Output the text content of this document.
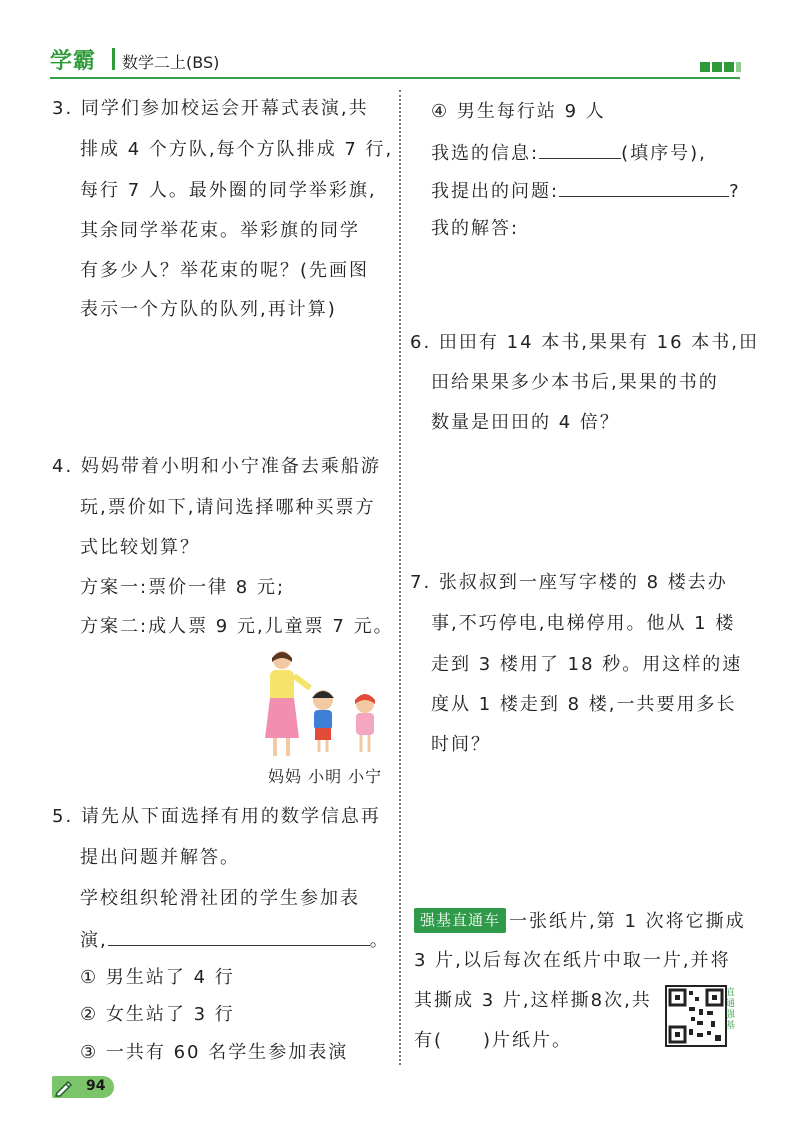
学霸 数学二上(BS)
3. 同学们参加校运会开幕式表演,共
排成 4 个方队,每个方队排成 7 行,
每行 7 人。最外圈的同学举彩旗,
其余同学举花束。举彩旗的同学
有多少人？举花束的呢？(先画图
表示一个方队的队列,再计算)
4. 妈妈带着小明和小宁准备去乘船游
玩,票价如下,请问选择哪种买票方
式比较划算？
方案一:票价一律 8 元;
方案二:成人票 9 元,儿童票 7 元。
妈妈 小明 小宁
5. 请先从下面选择有用的数学信息再
提出问题并解答。
学校组织轮滑社团的学生参加表
演,	。
① 男生站了 4 行
② 女生站了 3 行
③ 一共有 60 名学生参加表演
④ 男生每行站 9 人
我选的信息:	(填序号),
我提出的问题:	?
我的解答:
6. 田田有 14 本书,果果有 16 本书,田
田给果果多少本书后,果果的书的
数量是田田的 4 倍？
7. 张叔叔到一座写字楼的 8 楼去办
事,不巧停电,电梯停用。他从 1 楼
走到 3 楼用了 18 秒。用这样的速
度从 1 楼走到 8 楼,一共要用多长
时间？
强基直通车 一张纸片,第 1 次将它撕成
3 片,以后每次在纸片中取一片,并将
其撕成 3 片,这样撕8次,共
有(　　)片纸片。
直通强基
94
